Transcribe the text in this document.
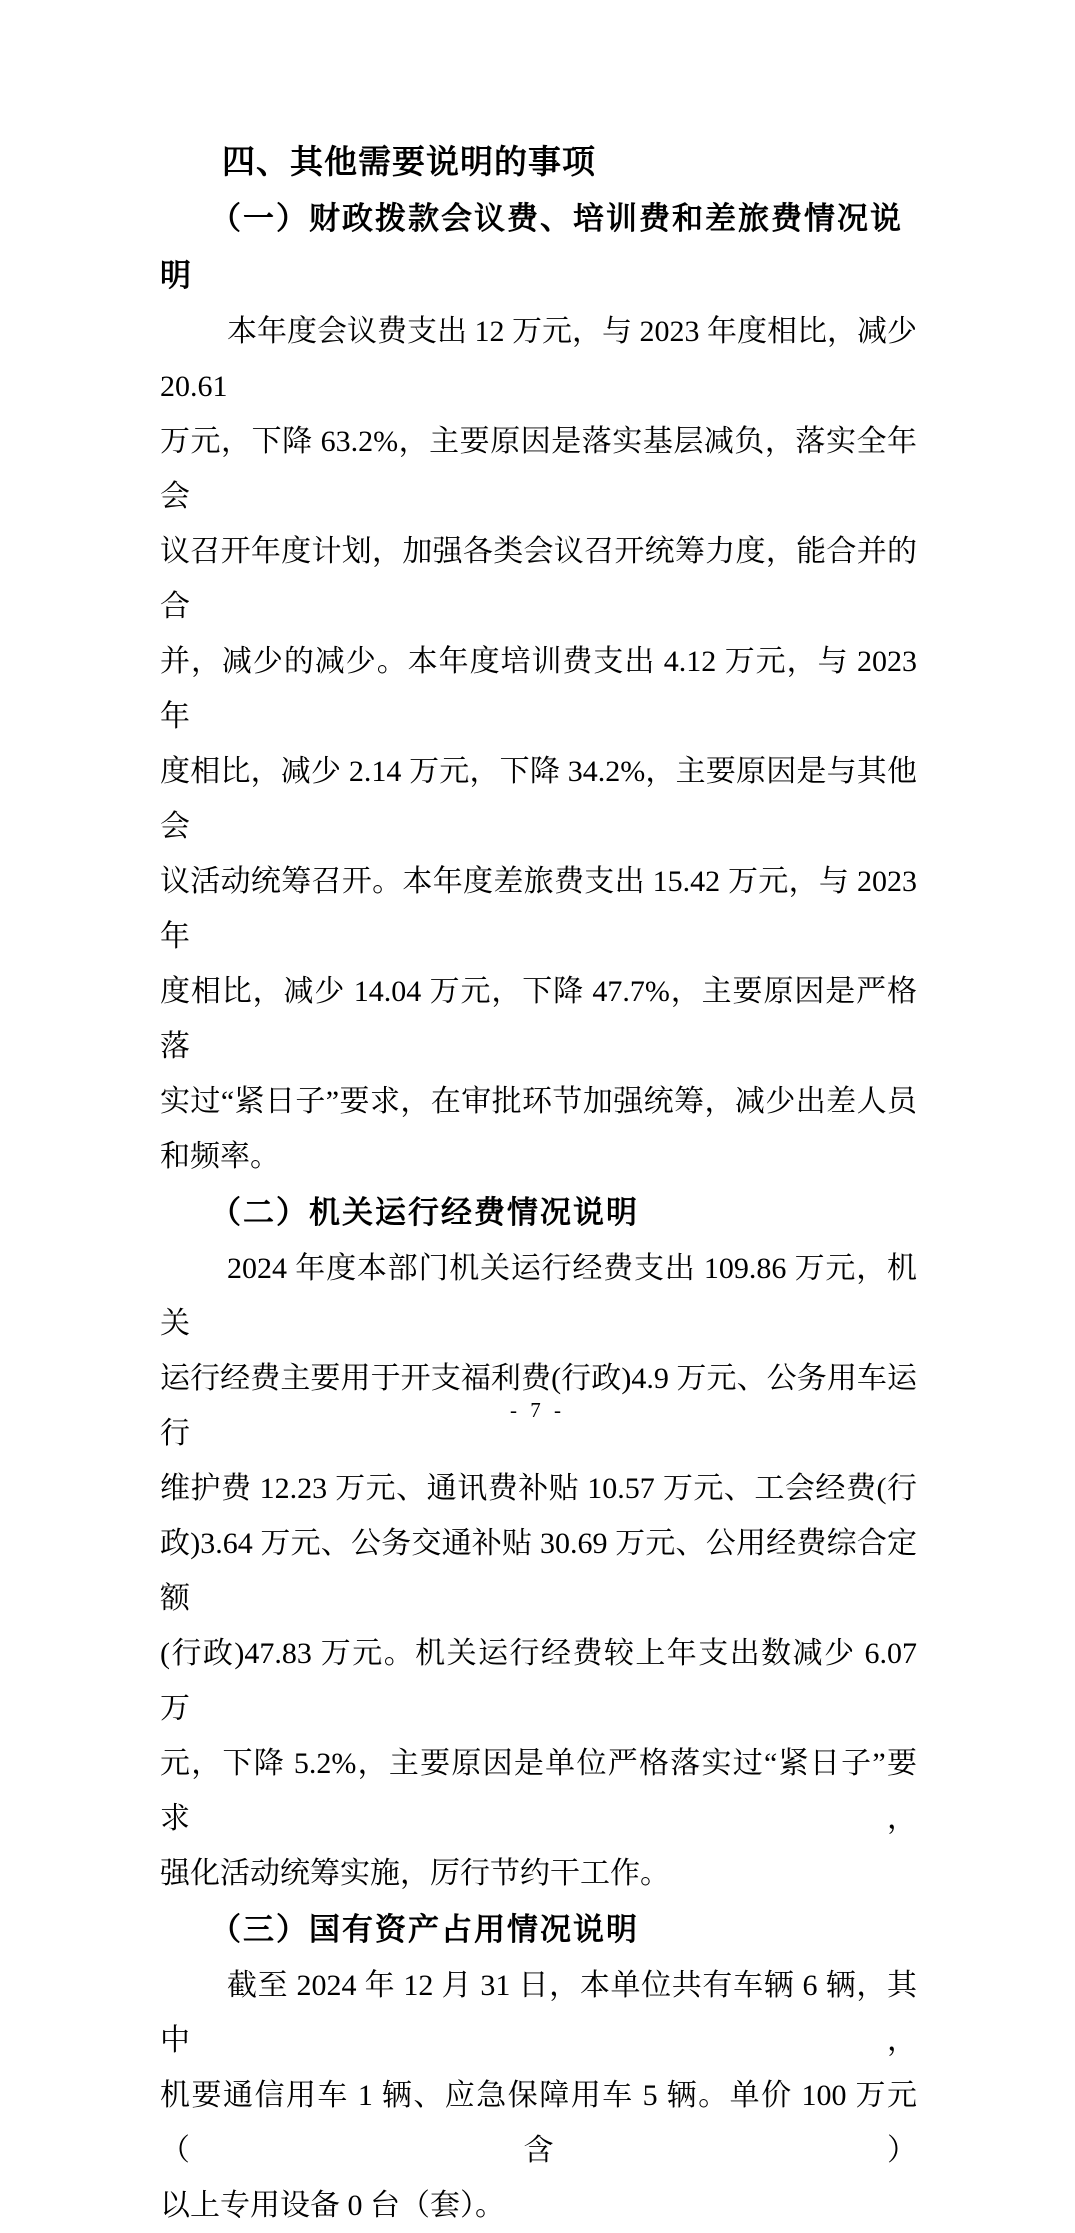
四、其他需要说明的事项
（一）财政拨款会议费、培训费和差旅费情况说明
本年度会议费支出 12 万元，与 2023 年度相比，减少 20.61
万元，下降 63.2%，主要原因是落实基层减负，落实全年会
议召开年度计划，加强各类会议召开统筹力度，能合并的合
并，减少的减少。本年度培训费支出 4.12 万元，与 2023 年
度相比，减少 2.14 万元，下降 34.2%，主要原因是与其他会
议活动统筹召开。本年度差旅费支出 15.42 万元，与 2023 年
度相比，减少 14.04 万元，下降 47.7%，主要原因是严格落
实过“紧日子”要求，在审批环节加强统筹，减少出差人员
和频率。
（二）机关运行经费情况说明
2024 年度本部门机关运行经费支出 109.86 万元，机关
运行经费主要用于开支福利费(行政)4.9 万元、公务用车运行
维护费 12.23 万元、通讯费补贴 10.57 万元、工会经费(行
政)3.64 万元、公务交通补贴 30.69 万元、公用经费综合定额
(行政)47.83 万元。机关运行经费较上年支出数减少 6.07 万
元，下降 5.2%，主要原因是单位严格落实过“紧日子”要求，
强化活动统筹实施，厉行节约干工作。
（三）国有资产占用情况说明
截至 2024 年 12 月 31 日，本单位共有车辆 6 辆，其中，
机要通信用车 1 辆、应急保障用车 5 辆。单价 100 万元（含）
以上专用设备 0 台（套）。
- 7 -
